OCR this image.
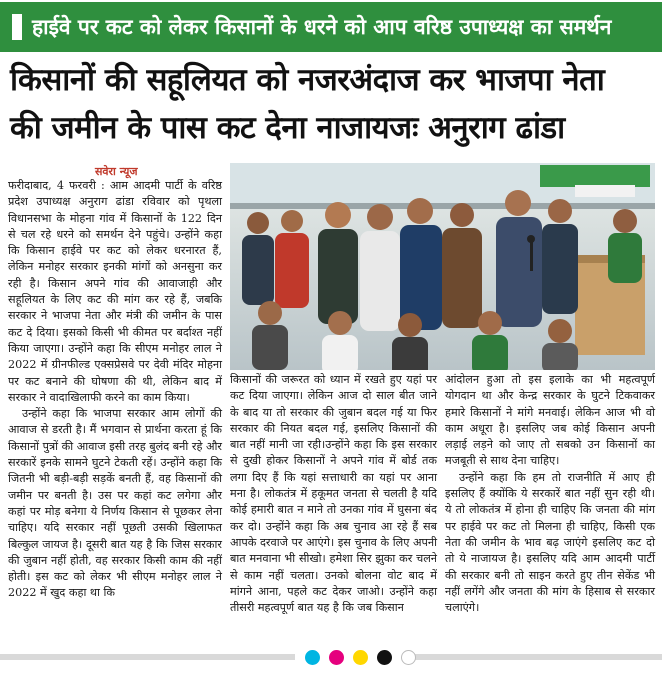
हाईवे पर कट को लेकर किसानों के धरने को आप वरिष्ठ उपाध्यक्ष का समर्थन
किसानों की सहूलियत को नजरअंदाज कर भाजपा नेता
की जमीन के पास कट देना नाजायजः अनुराग ढांडा
सवेरा न्यूज

फरीदाबाद, 4 फरवरी : आम आदमी पार्टी के वरिष्ठ प्रदेश उपाध्यक्ष अनुराग ढांडा रविवार को पृथला विधानसभा के मोहना गांव में किसानों के 122 दिन से चल रहे धरने को समर्थन देने पहुंचे। उन्होंने कहा कि किसान हाईवे पर कट को लेकर धरनारत हैं, लेकिन मनोहर सरकार इनकी मांगों को अनसुना कर रही है। किसान अपने गांव की आवाजाही और सहूलियत के लिए कट की मांग कर रहे हैं, जबकि सरकार ने भाजपा नेता और मंत्री की जमीन के पास कट दे दिया। इसको किसी भी कीमत पर बर्दाश्त नहीं किया जाएगा। उन्होंने कहा कि सीएम मनोहर लाल ने 2022 में ग्रीनफील्ड एक्सप्रेसवे पर देवी मंदिर मोहना पर कट बनाने की घोषणा की थी, लेकिन बाद में सरकार ने वादाखिलाफी करने का काम किया।

उन्होंने कहा कि भाजपा सरकार आम लोगों की आवाज से डरती है। मैं भगवान से प्रार्थना करता हूं कि किसानों पुत्रों की आवाज इसी तरह बुलंद बनी रहे और सरकारें इनके सामने घुटने टेकती रहें। उन्होंने कहा कि जितनी भी बड़ी-बड़ी सड़कें बनती हैं, वह किसानों की जमीन पर बनती है। उस पर कहां कट लगेगा और कहां पर मोड़ बनेगा ये निर्णय किसान से पूछकर लेना चाहिए। यदि सरकार नहीं पूछती उसकी खिलाफत बिल्कुल जायज है। दूसरी बात यह है कि जिस सरकार की जुबान नहीं होती, वह सरकार किसी काम की नहीं होती। इस कट को लेकर भी सीएम मनोहर लाल ने 2022 में खुद कहा था कि

किसानों की जरूरत को ध्यान में रखते हुए यहां पर कट दिया जाएगा। लेकिन आज दो साल बीत जाने के बाद या तो सरकार की जुबान बदल गई या फिर सरकार की नियत बदल गई, इसलिए किसानों की बात नहीं मानी जा रही।उन्होंने कहा कि इस सरकार से दुखी होकर किसानों ने अपने गांव में बोर्ड तक लगा दिए हैं कि यहां सत्ताधारी का यहां पर आना मना है। लोकतंत्र में हकूमत जनता से चलती है यदि कोई हमारी बात न माने तो उनका गांव में घुसना बंद कर दो। उन्होंने कहा कि अब चुनाव आ रहे हैं सब आपके दरवाजे पर आएंगे। इस चुनाव के लिए अपनी बात मनवाना भी सीखो। हमेशा सिर झुका कर चलने से काम नहीं चलता। उनको बोलना वोट बाद में मांगने आना, पहले कट देकर जाओ। उन्होंने कहा तीसरी महत्वपूर्ण बात यह है कि जब किसान

आंदोलन हुआ तो इस इलाके का भी महत्वपूर्ण योगदान था और केन्द्र सरकार के घुटने टिकवाकर हमारे किसानों ने मांगे मनवाई। लेकिन आज भी वो काम अधूरा है। इसलिए जब कोई किसान अपनी लड़ाई लड़ने को जाए तो सबको उन किसानों का मजबूती से साथ देना चाहिए।

उन्होंने कहा कि हम तो राजनीति में आए ही इसलिए हैं क्योंकि ये सरकारें बात नहीं सुन रही थी। ये तो लोकतंत्र में होना ही चाहिए कि जनता की मांग पर हाईवे पर कट तो मिलना ही चाहिए, किसी एक नेता की जमीन के भाव बढ़ जाएंगे इसलिए कट दो तो ये नाजायज है। इसलिए यदि आम आदमी पार्टी की सरकार बनी तो साइन करते हुए तीन सेकेंड भी नहीं लगेंगे और जनता की मांग के हिसाब से सरकार चलाएंगे।
